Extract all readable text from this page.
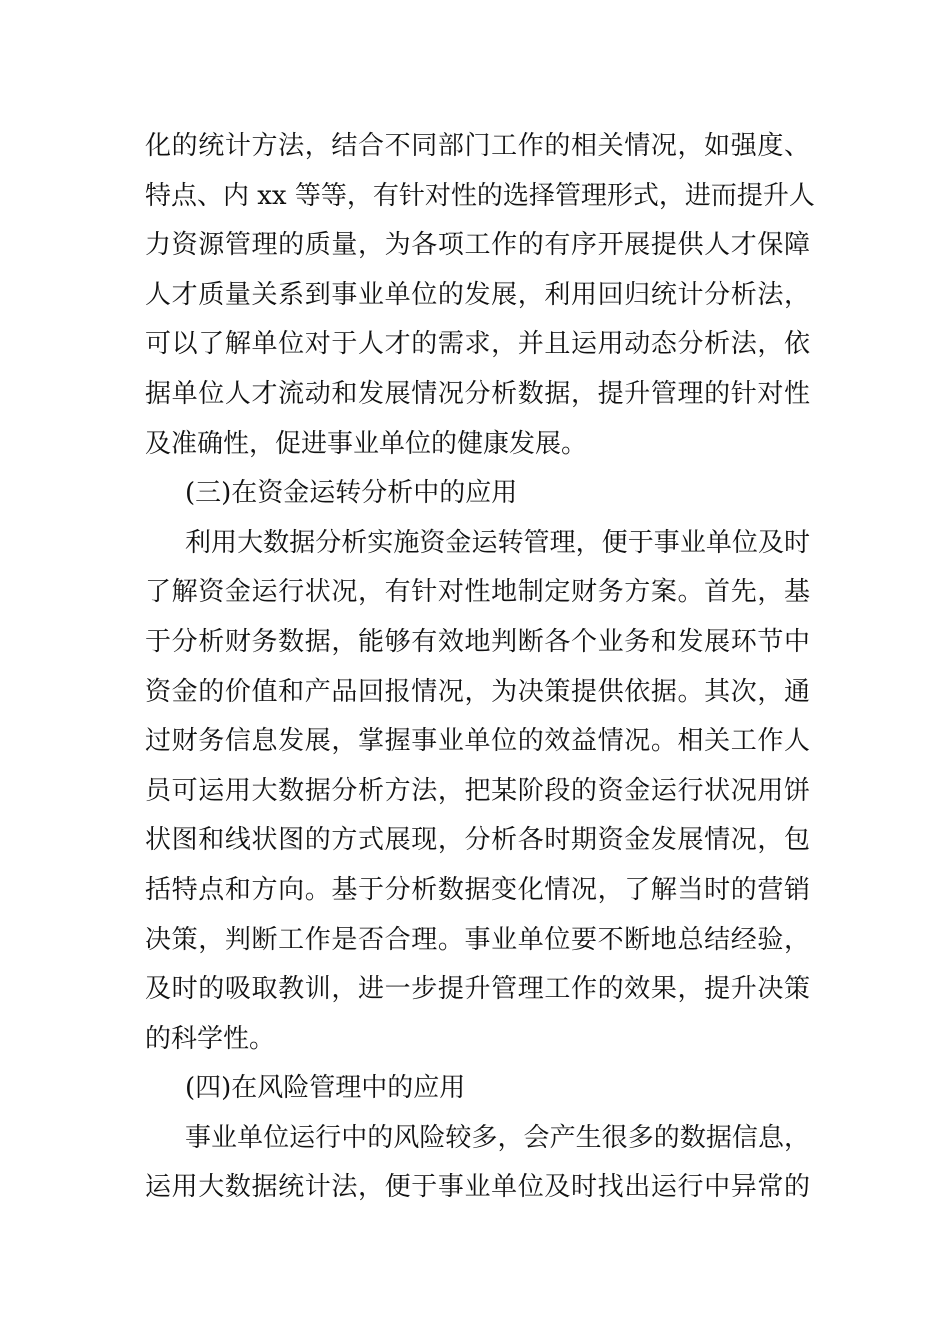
化的统计方法，结合不同部门工作的相关情况，如强度、
特点、内 xx 等等，有针对性的选择管理形式，进而提升人
力资源管理的质量，为各项工作的有序开展提供人才保障
人才质量关系到事业单位的发展，利用回归统计分析法，
可以了解单位对于人才的需求，并且运用动态分析法，依
据单位人才流动和发展情况分析数据，提升管理的针对性
及准确性，促进事业单位的健康发展。
(三)在资金运转分析中的应用
利用大数据分析实施资金运转管理，便于事业单位及时
了解资金运行状况，有针对性地制定财务方案。首先，基
于分析财务数据，能够有效地判断各个业务和发展环节中
资金的价值和产品回报情况，为决策提供依据。其次，通
过财务信息发展，掌握事业单位的效益情况。相关工作人
员可运用大数据分析方法，把某阶段的资金运行状况用饼
状图和线状图的方式展现，分析各时期资金发展情况，包
括特点和方向。基于分析数据变化情况，了解当时的营销
决策，判断工作是否合理。事业单位要不断地总结经验，
及时的吸取教训，进一步提升管理工作的效果，提升决策
的科学性。
(四)在风险管理中的应用
事业单位运行中的风险较多，会产生很多的数据信息，
运用大数据统计法，便于事业单位及时找出运行中异常的
